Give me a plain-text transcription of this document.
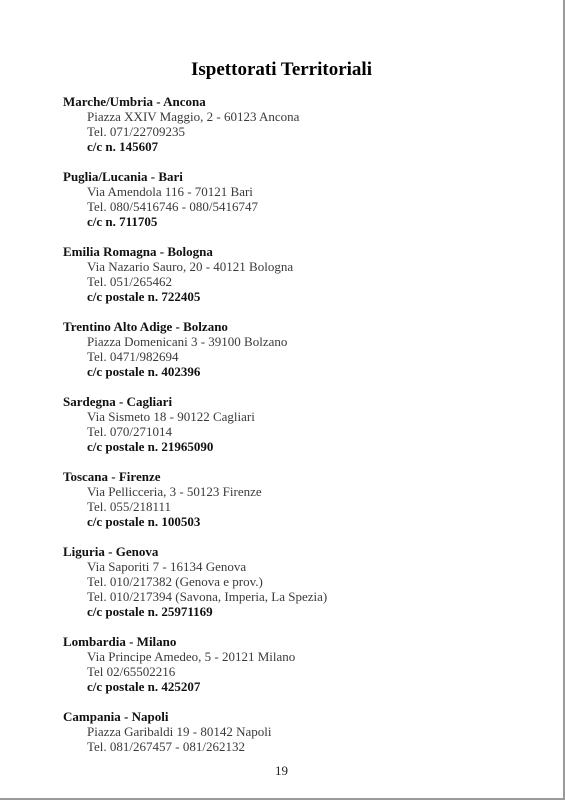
Ispettorati Territoriali
Marche/Umbria - Ancona
Piazza XXIV Maggio, 2 - 60123 Ancona
Tel. 071/22709235
c/c n. 145607
Puglia/Lucania - Bari
Via Amendola 116 - 70121 Bari
Tel. 080/5416746 - 080/5416747
c/c n. 711705
Emilia Romagna - Bologna
Via Nazario Sauro, 20 - 40121 Bologna
Tel. 051/265462
c/c postale n. 722405
Trentino Alto Adige - Bolzano
Piazza Domenicani 3 - 39100 Bolzano
Tel. 0471/982694
c/c postale n. 402396
Sardegna - Cagliari
Via Sismeto 18 - 90122 Cagliari
Tel. 070/271014
c/c postale n. 21965090
Toscana - Firenze
Via Pellicceria, 3 - 50123 Firenze
Tel. 055/218111
c/c postale n. 100503
Liguria - Genova
Via Saporiti 7 - 16134 Genova
Tel. 010/217382 (Genova e prov.)
Tel. 010/217394 (Savona, Imperia, La Spezia)
c/c postale n. 25971169
Lombardia - Milano
Via Principe Amedeo, 5 - 20121 Milano
Tel 02/65502216
c/c postale n. 425207
Campania - Napoli
Piazza Garibaldi 19 - 80142 Napoli
Tel. 081/267457 - 081/262132
19
